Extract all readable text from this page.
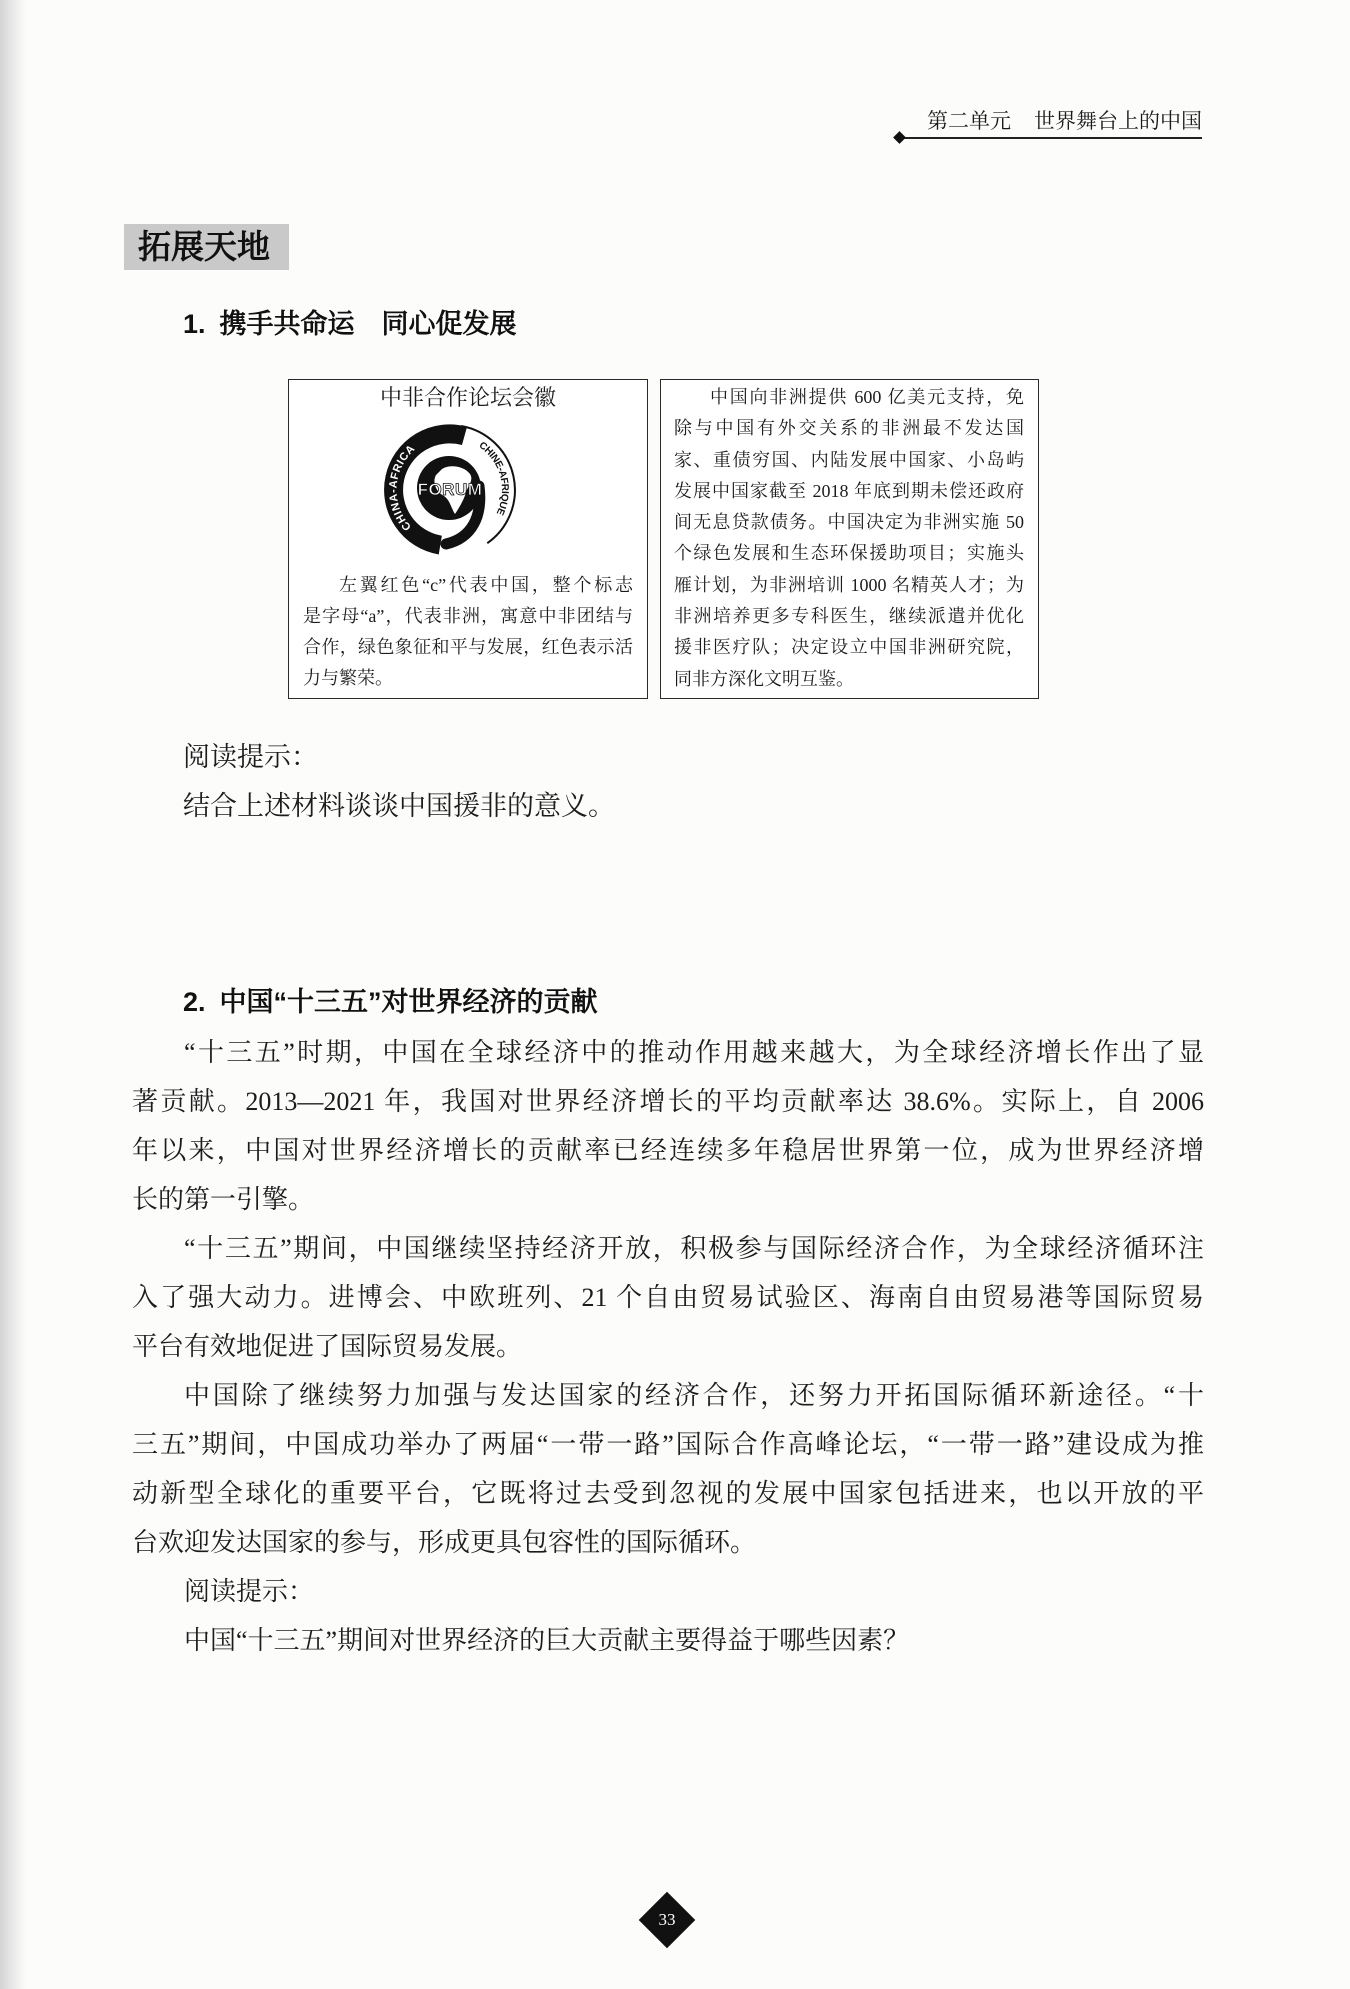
第二单元 世界舞台上的中国
拓展天地
1. 携手共命运　同心促发展
中非合作论坛会徽
CHINA-AFRICA	CHINE-AFRIQUE
FORUM
左翼红色“c”代表中国，整个标志
是字母“a”，代表非洲，寓意中非团结与
合作，绿色象征和平与发展，红色表示活
力与繁荣。
中国向非洲提供 600 亿美元支持，免
除与中国有外交关系的非洲最不发达国
家、重债穷国、内陆发展中国家、小岛屿
发展中国家截至 2018 年底到期未偿还政府
间无息贷款债务。中国决定为非洲实施 50
个绿色发展和生态环保援助项目；实施头
雁计划，为非洲培训 1000 名精英人才；为
非洲培养更多专科医生，继续派遣并优化
援非医疗队；决定设立中国非洲研究院，
同非方深化文明互鉴。
阅读提示：
结合上述材料谈谈中国援非的意义。
2. 中国“十三五”对世界经济的贡献
“十三五”时期，中国在全球经济中的推动作用越来越大，为全球经济增长作出了显
著贡献。2013—2021 年，我国对世界经济增长的平均贡献率达 38.6%。实际上，自 2006
年以来，中国对世界经济增长的贡献率已经连续多年稳居世界第一位，成为世界经济增
长的第一引擎。
“十三五”期间，中国继续坚持经济开放，积极参与国际经济合作，为全球经济循环注
入了强大动力。进博会、中欧班列、21 个自由贸易试验区、海南自由贸易港等国际贸易
平台有效地促进了国际贸易发展。
中国除了继续努力加强与发达国家的经济合作，还努力开拓国际循环新途径。“十
三五”期间，中国成功举办了两届“一带一路”国际合作高峰论坛，“一带一路”建设成为推
动新型全球化的重要平台，它既将过去受到忽视的发展中国家包括进来，也以开放的平
台欢迎发达国家的参与，形成更具包容性的国际循环。
阅读提示：
中国“十三五”期间对世界经济的巨大贡献主要得益于哪些因素？
33
